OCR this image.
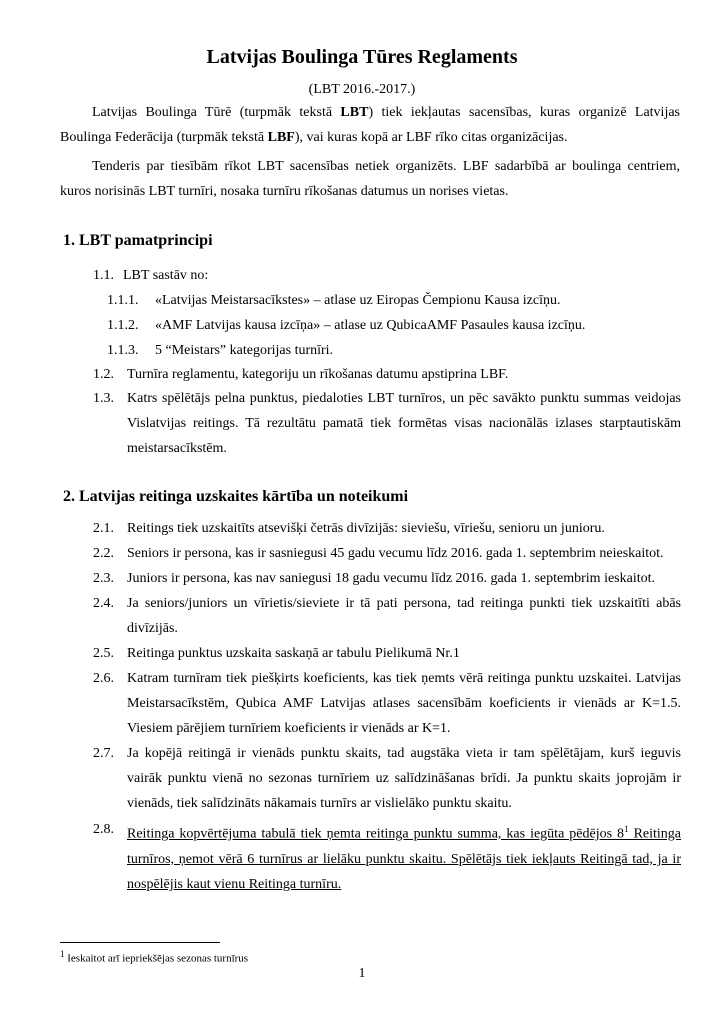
Latvijas Boulinga Tūres Reglaments
(LBT 2016.-2017.)

Latvijas Boulinga Tūrē (turpmāk tekstā LBT) tiek iekļautas sacensības, kuras organizē Latvijas Boulinga Federācija (turpmāk tekstā LBF), vai kuras kopā ar LBF rīko citas organizācijas.

Tenderis par tiesībām rīkot LBT sacensības netiek organizēts. LBF sadarbībā ar boulinga centriem, kuros norisinās LBT turnīri, nosaka turnīru rīkošanas datumus un norises vietas.

1. LBT pamatprincipi
1.1. LBT sastāv no:
1.1.1.	«Latvijas Meistarsacīkstes» – atlase uz Eiropas Čempionu Kausa izcīņu.
1.1.2.	«AMF Latvijas kausa izcīņa» – atlase uz QubicaAMF Pasaules kausa izcīņu.
1.1.3.	5 “Meistars” kategorijas turnīri.
1.2. Turnīra reglamentu, kategoriju un rīkošanas datumu apstiprina LBF.
1.3. Katrs spēlētājs pelna punktus, piedaloties LBT turnīros, un pēc savākto punktu summas veidojas Vislatvijas reitings. Tā rezultātu pamatā tiek formētas visas nacionālās izlases starptautiskām meistarsacīkstēm.
2. Latvijas reitinga uzskaites kārtība un noteikumi
2.1. Reitings tiek uzskaitīts atsevišķi četrās divīzijās: sieviešu, vīriešu, senioru un junioru.
2.2. Seniors ir persona, kas ir sasniegusi 45 gadu vecumu līdz 2016. gada 1. septembrim neieskaitot.
2.3. Juniors ir persona, kas nav saniegusi 18 gadu vecumu līdz 2016. gada 1. septembrim ieskaitot.
2.4. Ja seniors/juniors un vīrietis/sieviete ir tā pati persona, tad reitinga punkti tiek uzskaitīti abās divīzijās.
2.5. Reitinga punktus uzskaita saskaņā ar tabulu Pielikumā Nr.1
2.6. Katram turnīram tiek piešķirts koeficients, kas tiek ņemts vērā reitinga punktu uzskaitei. Latvijas Meistarsacīkstēm, Qubica AMF Latvijas atlases sacensībām koeficients ir vienāds ar K=1.5. Viesiem pārējiem turnīriem koeficients ir vienāds ar K=1.
2.7. Ja kopējā reitingā ir vienāds punktu skaits, tad augstāka vieta ir tam spēlētājam, kurš ieguvis vairāk punktu vienā no sezonas turnīriem uz salīdzināšanas brīdi. Ja punktu skaits joprojām ir vienāds, tiek salīdzināts nākamais turnīrs ar vislielāko punktu skaitu.
2.8. Reitinga kopvērtējuma tabulā tiek ņemta reitinga punktu summa, kas iegūta pēdējos $8^1$ Reitinga turnīros, ņemot vērā 6 turnīrus ar lielāku punktu skaitu. Spēlētājs tiek iekļauts Reitingā tad, ja ir nospēlējis kaut vienu Reitinga turnīru.
$^1$ Ieskaitot arī iepriekšējas sezonas turnīrus
1
